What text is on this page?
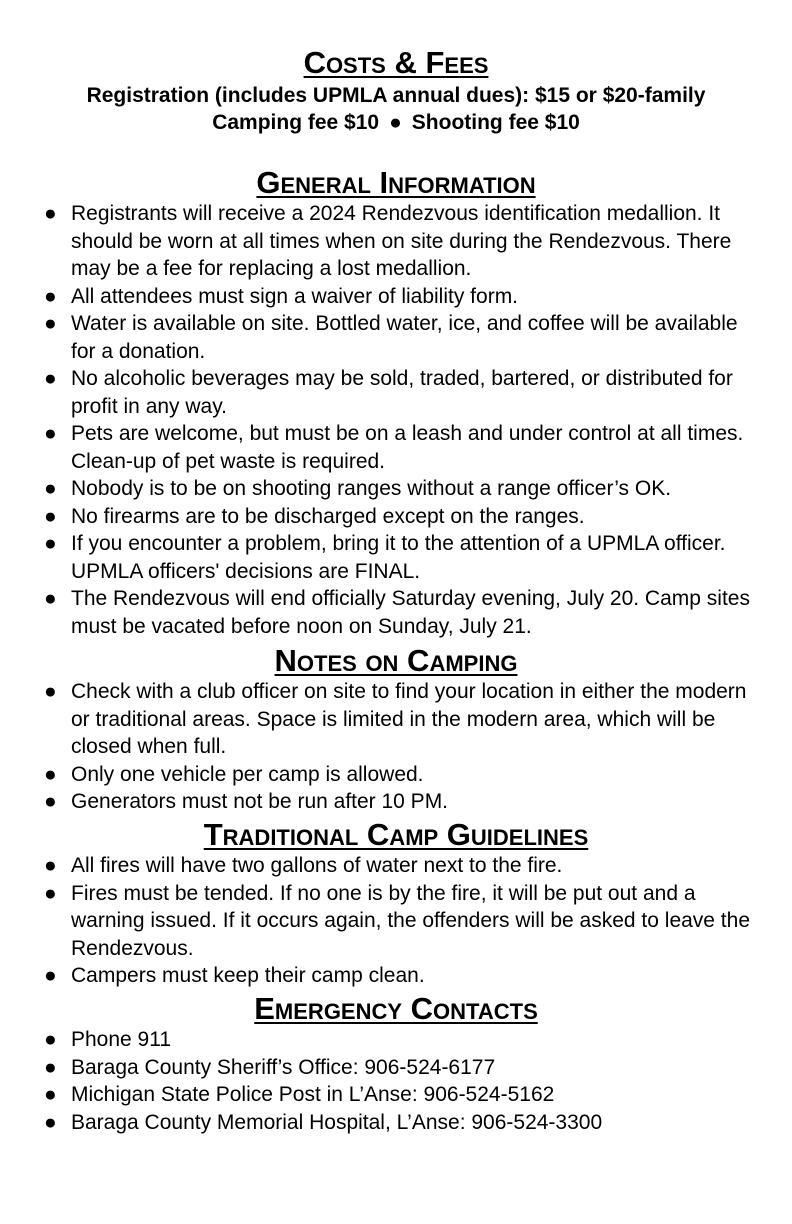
Costs & Fees

Registration (includes UPMLA annual dues): $15 or $20-family

Camping fee $10 ● Shooting fee $10

General Information
● Registrants will receive a 2024 Rendezvous identification medallion. It should be worn at all times when on site during the Rendezvous. There may be a fee for replacing a lost medallion.
● All attendees must sign a waiver of liability form.
● Water is available on site. Bottled water, ice, and coffee will be available for a donation.
● No alcoholic beverages may be sold, traded, bartered, or distributed for profit in any way.
● Pets are welcome, but must be on a leash and under control at all times. Clean-up of pet waste is required.
● Nobody is to be on shooting ranges without a range officer’s OK.
● No firearms are to be discharged except on the ranges.
● If you encounter a problem, bring it to the attention of a UPMLA officer. UPMLA officers' decisions are FINAL.
● The Rendezvous will end officially Saturday evening, July 20. Camp sites must be vacated before noon on Sunday, July 21.
Notes on Camping
● Check with a club officer on site to find your location in either the modern or traditional areas. Space is limited in the modern area, which will be closed when full.
● Only one vehicle per camp is allowed.
● Generators must not be run after 10 PM.
Traditional Camp Guidelines
● All fires will have two gallons of water next to the fire.
● Fires must be tended. If no one is by the fire, it will be put out and a warning issued. If it occurs again, the offenders will be asked to leave the Rendezvous.
● Campers must keep their camp clean.
Emergency Contacts
● Phone 911
● Baraga County Sheriff’s Office: 906-524-6177
● Michigan State Police Post in L’Anse: 906-524-5162
● Baraga County Memorial Hospital, L’Anse: 906-524-3300
